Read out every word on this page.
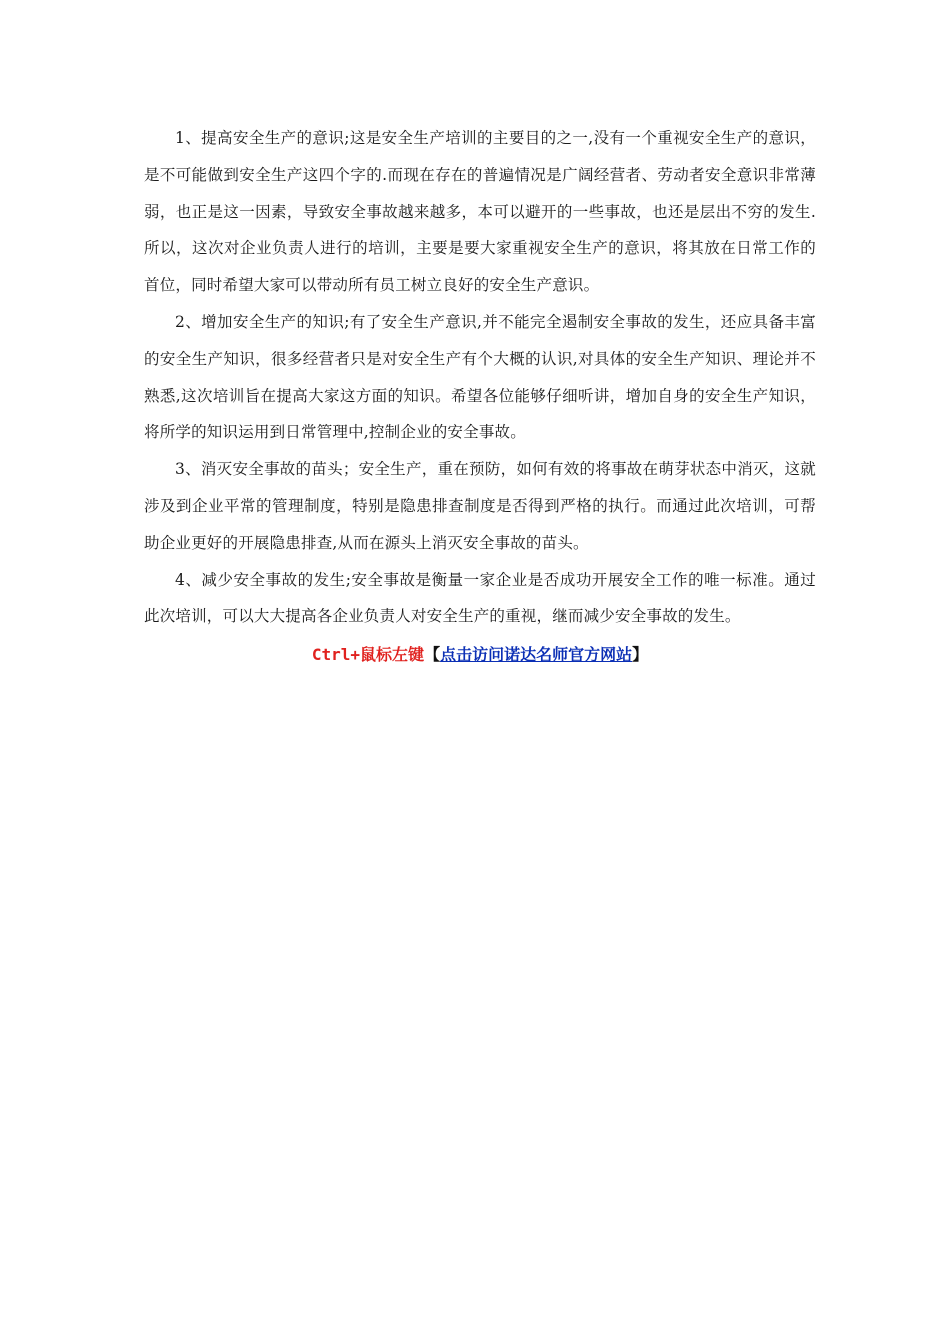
1、提高安全生产的意识;这是安全生产培训的主要目的之一,没有一个重视安全生产的意识，是不可能做到安全生产这四个字的.而现在存在的普遍情况是广阔经营者、劳动者安全意识非常薄弱，也正是这一因素，导致安全事故越来越多，本可以避开的一些事故，也还是层出不穷的发生.所以，这次对企业负责人进行的培训，主要是要大家重视安全生产的意识，将其放在日常工作的首位，同时希望大家可以带动所有员工树立良好的安全生产意识。

2、增加安全生产的知识;有了安全生产意识,并不能完全遏制安全事故的发生，还应具备丰富的安全生产知识，很多经营者只是对安全生产有个大概的认识,对具体的安全生产知识、理论并不熟悉,这次培训旨在提高大家这方面的知识。希望各位能够仔细听讲，增加自身的安全生产知识，将所学的知识运用到日常管理中,控制企业的安全事故。

3、消灭安全事故的苗头；安全生产，重在预防，如何有效的将事故在萌芽状态中消灭，这就涉及到企业平常的管理制度，特别是隐患排查制度是否得到严格的执行。而通过此次培训，可帮助企业更好的开展隐患排查,从而在源头上消灭安全事故的苗头。

4、减少安全事故的发生;安全事故是衡量一家企业是否成功开展安全工作的唯一标准。通过此次培训，可以大大提高各企业负责人对安全生产的重视，继而减少安全事故的发生。

Ctrl+鼠标左键【点击访问诺达名师官方网站】
